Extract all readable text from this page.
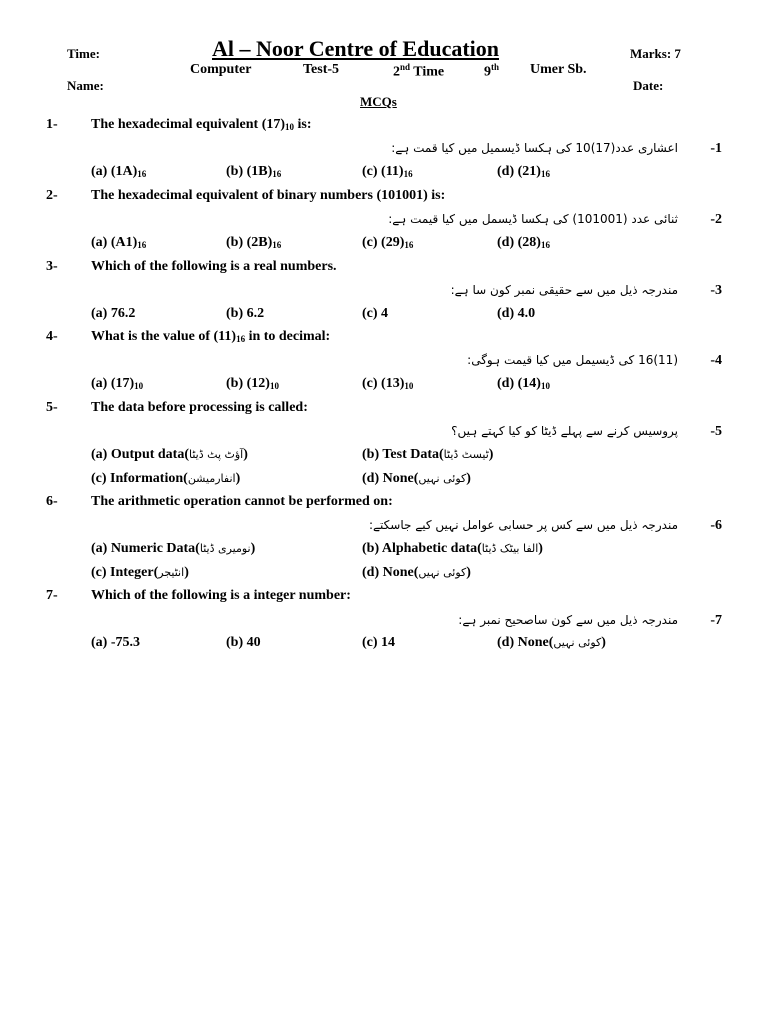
Time:	Al – Noor Centre of Education	Marks: 7
Computer	Test-5	2nd Time	9th Umer Sb.
Name:	Date:
MCQs
1- The hexadecimal equivalent $(17)_{10}$ is:
-1
اعشاری عدد(17)10 کی ہکسا ڈیسمیل میں کیا قمت ہے:
(a) $(1A)_{16}$	(b) $(1B)_{16}$	(c) $(11)_{16}$	(d) $(21)_{16}$
2- The hexadecimal equivalent of binary numbers (101001) is:
-2
ثنائی عدد (101001) کی ہکسا ڈیسمل میں کیا قیمت ہے:
(a) $(A1)_{16}$	(b) $(2B)_{16}$	(c) $(29)_{16}$	(d) $(28)_{16}$
3- Which of the following is a real numbers.
-3
مندرجہ ذیل میں سے حقیقی نمبر کون سا ہے:
(a) 76.2	(b) 6.2	(c) 4	(d) 4.0
4- What is the value of $(11)_{16}$ in to decimal:
-4
(11)16 کی ڈیسیمل میں کیا قیمت ہوگی:
(a) $(17)_{10}$	(b) $(12)_{10}$	(c) $(13)_{10}$	(d) $(14)_{10}$
5- The data before processing is called:
-5
پروسیس کرنے سے پہلے ڈیٹا کو کیا کہتے ہیں؟
(a) Output data(آؤٹ پٹ ڈیٹا)	(b) Test Data(ٹیسٹ ڈیٹا)
(c) Information(انفارمیشن)	(d) None(کوئی نہیں)
6- The arithmetic operation cannot be performed on:
-6
مندرجہ ذیل میں سے کس پر حسابی عوامل نہیں کیے جاسکتے:
(a) Numeric Data(نومیری ڈیٹا)	(b) Alphabetic data(الفا بیٹک ڈیٹا)
(c) Integer(انٹیجر)	(d) None(کوئی نہیں)
7- Which of the following is a integer number:
-7
مندرجہ ذیل میں سے کون ساصحیح نمبر ہے:
(a) -75.3	(b) 40	(c) 14	(d) None(کوئی نہیں)
